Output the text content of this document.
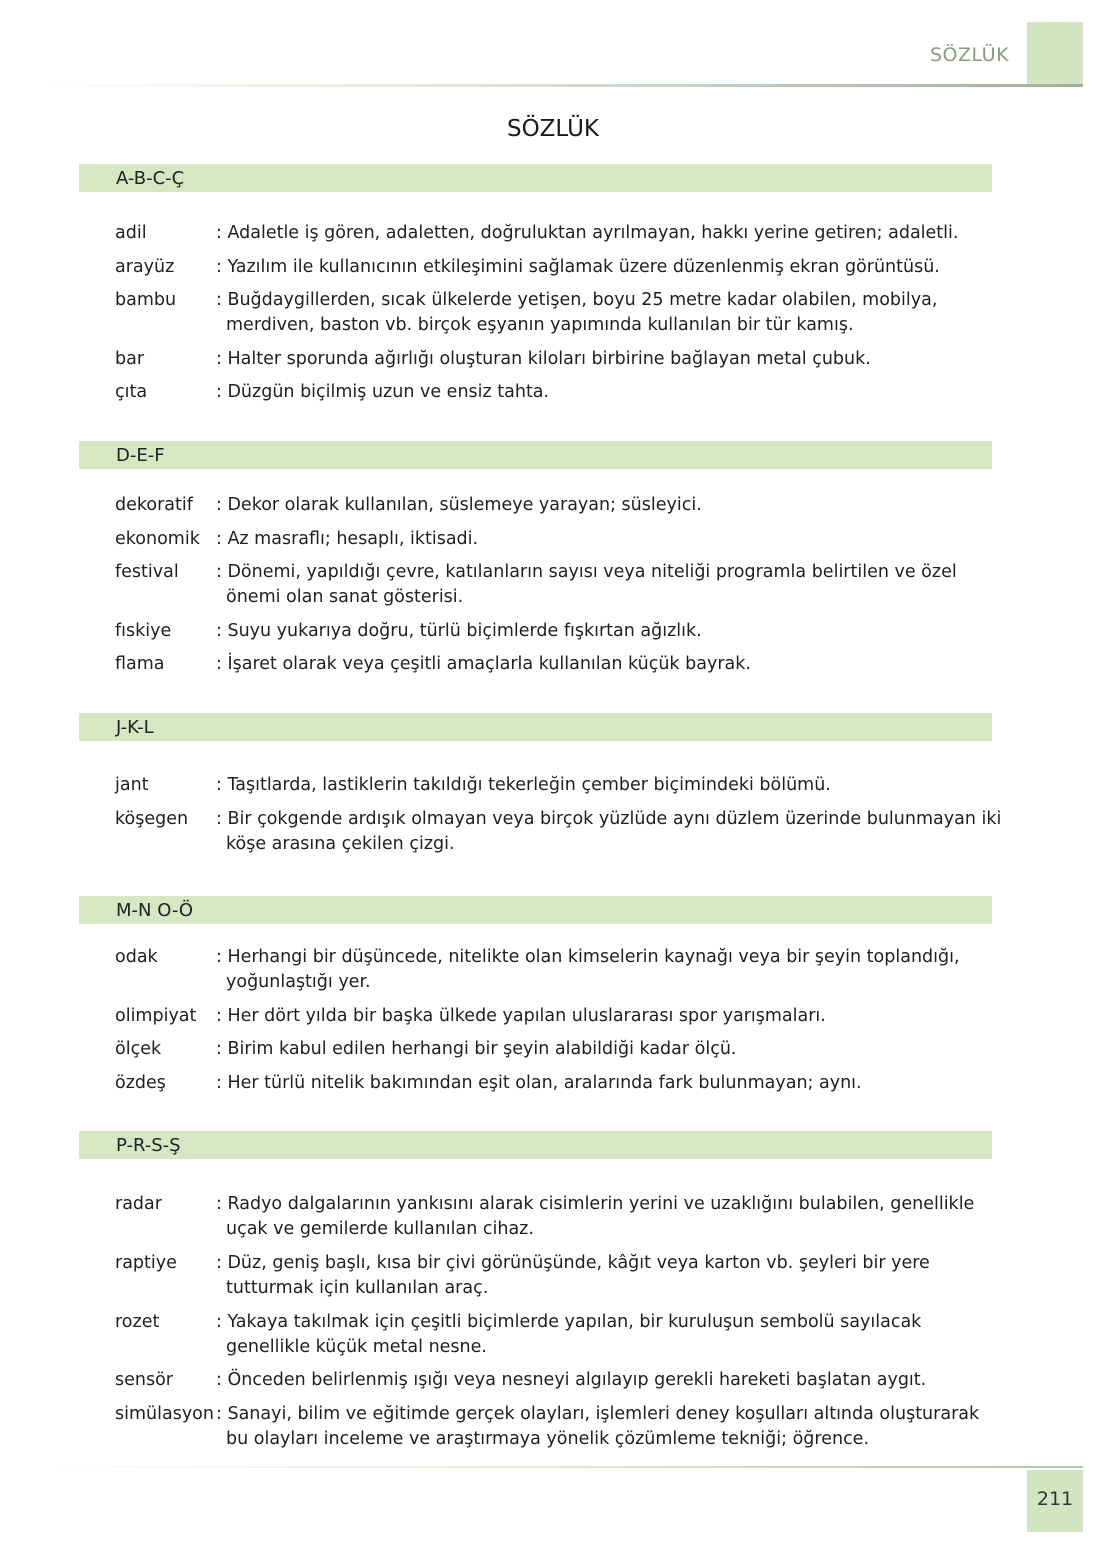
SÖZLÜK
SÖZLÜK
A-B-C-Ç
adil	: Adaletle iş gören, adaletten, doğruluktan ayrılmayan, hakkı yerine getiren; adaletli.
arayüz	: Yazılım ile kullanıcının etkileşimini sağlamak üzere düzenlenmiş ekran görüntüsü.
bambu	: Buğdaygillerden, sıcak ülkelerde yetişen, boyu 25 metre kadar olabilen, mobilya, merdiven, baston vb. birçok eşyanın yapımında kullanılan bir tür kamış.
bar	: Halter sporunda ağırlığı oluşturan kiloları birbirine bağlayan metal çubuk.
çıta	: Düzgün biçilmiş uzun ve ensiz tahta.
D-E-F
dekoratif	: Dekor olarak kullanılan, süslemeye yarayan; süsleyici.
ekonomik : Az masraflı; hesaplı, iktisadi.
festival	: Dönemi, yapıldığı çevre, katılanların sayısı veya niteliği programla belirtilen ve özel önemi olan sanat gösterisi.
fıskiye	: Suyu yukarıya doğru, türlü biçimlerde fışkırtan ağızlık.
flama	: İşaret olarak veya çeşitli amaçlarla kullanılan küçük bayrak.
J-K-L
jant	: Taşıtlarda, lastiklerin takıldığı tekerleğin çember biçimindeki bölümü.
köşegen	: Bir çokgende ardışık olmayan veya birçok yüzlüde aynı düzlem üzerinde bulunmayan iki köşe arasına çekilen çizgi.
M-N O-Ö
odak	: Herhangi bir düşüncede, nitelikte olan kimselerin kaynağı veya bir şeyin toplandığı, yoğunlaştığı yer.
olimpiyat	: Her dört yılda bir başka ülkede yapılan uluslararası spor yarışmaları.
ölçek	: Birim kabul edilen herhangi bir şeyin alabildiği kadar ölçü.
özdeş	: Her türlü nitelik bakımından eşit olan, aralarında fark bulunmayan; aynı.
P-R-S-Ş
radar	: Radyo dalgalarının yankısını alarak cisimlerin yerini ve uzaklığını bulabilen, genellikle uçak ve gemilerde kullanılan cihaz.
raptiye	: Düz, geniş başlı, kısa bir çivi görünüşünde, kâğıt veya karton vb. şeyleri bir yere tutturmak için kullanılan araç.
rozet	: Yakaya takılmak için çeşitli biçimlerde yapılan, bir kuruluşun sembolü sayılacak genellikle küçük metal nesne.
sensör	: Önceden belirlenmiş ışığı veya nesneyi algılayıp gerekli hareketi başlatan aygıt.
simülasyon : Sanayi, bilim ve eğitimde gerçek olayları, işlemleri deney koşulları altında oluşturarak bu olayları inceleme ve araştırmaya yönelik çözümleme tekniği; öğrence.
211
